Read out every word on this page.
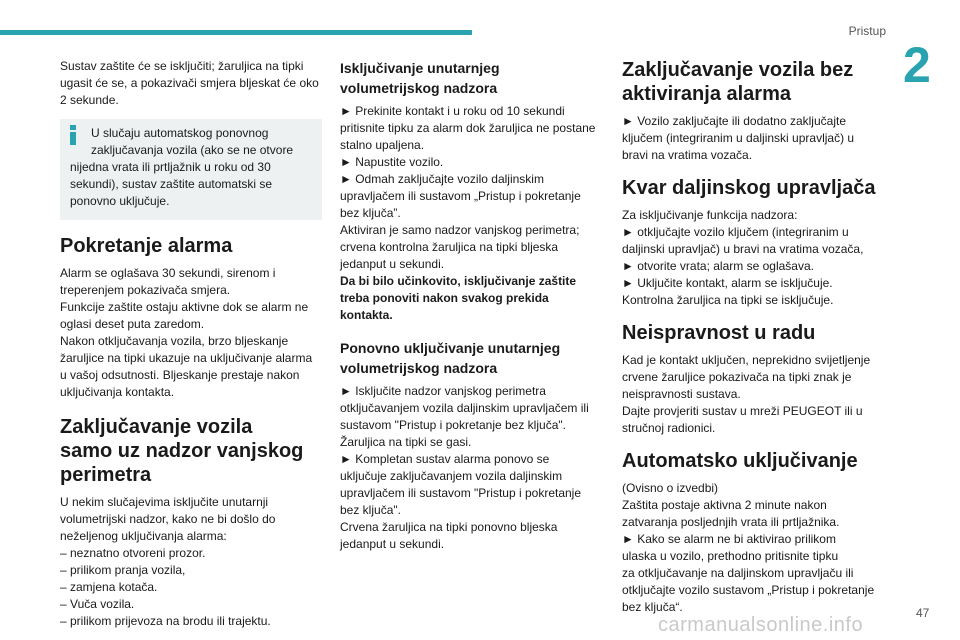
Pristup
2

Sustav zaštite će se isključiti; žaruljica na tipki
ugasit će se, a pokazivači smjera bljeskat će oko
2 sekunde.

U slučaju automatskog ponovnog
zaključavanja vozila (ako se ne otvore

nijedna vrata ili prtljažnik u roku od 30
sekundi), sustav zaštite automatski se
ponovno uključuje.

Pokretanje alarma

Alarm se oglašava 30 sekundi, sirenom i
treperenjem pokazivača smjera.
Funkcije zaštite ostaju aktivne dok se alarm ne
oglasi deset puta zaredom.
Nakon otključavanja vozila, brzo bljeskanje
žaruljice na tipki ukazuje na uključivanje alarma
u vašoj odsutnosti. Bljeskanje prestaje nakon
uključivanja kontakta.

Zaključavanje vozila
samo uz nadzor vanjskog
perimetra

U nekim slučajevima isključite unutarnji
volumetrijski nadzor, kako ne bi došlo do
neželjenog uključivanja alarma:
– neznatno otvoreni prozor.
– prilikom pranja vozila,
– zamjena kotača.
– Vuča vozila.
– prilikom prijevoza na brodu ili trajektu.

Isključivanje unutarnjeg
volumetrijskog nadzora

► Prekinite kontakt i u roku od 10 sekundi
pritisnite tipku za alarm dok žaruljica ne postane
stalno upaljena.
► Napustite vozilo.
► Odmah zaključajte vozilo daljinskim
upravljačem ili sustavom „Pristup i pokretanje
bez ključa”.
Aktiviran je samo nadzor vanjskog perimetra;
crvena kontrolna žaruljica na tipki bljeska
jedanput u sekundi.

Da bi bilo učinkovito, isključivanje zaštite
treba ponoviti nakon svakog prekida
kontakta.

Ponovno uključivanje unutarnjeg
volumetrijskog nadzora

► Isključite nadzor vanjskog perimetra
otključavanjem vozila daljinskim upravljačem ili
sustavom "Pristup i pokretanje bez ključa".
Žaruljica na tipki se gasi.
► Kompletan sustav alarma ponovo se
uključuje zaključavanjem vozila daljinskim
upravljačem ili sustavom "Pristup i pokretanje
bez ključa".
Crvena žaruljica na tipki ponovno bljeska
jedanput u sekundi.

Zaključavanje vozila bez
aktiviranja alarma

► Vozilo zaključajte ili dodatno zaključajte
ključem (integriranim u daljinski upravljač) u
bravi na vratima vozača.

Kvar daljinskog upravljača

Za isključivanje funkcija nadzora:
► otključajte vozilo ključem (integriranim u
daljinski upravljač) u bravi na vratima vozača,
► otvorite vrata; alarm se oglašava.
► Uključite kontakt, alarm se isključuje.
Kontrolna žaruljica na tipki se isključuje.

Neispravnost u radu

Kad je kontakt uključen, neprekidno svijetljenje
crvene žaruljice pokazivača na tipki znak je
neispravnosti sustava.
Dajte provjeriti sustav u mreži PEUGEOT ili u
stručnoj radionici.

Automatsko uključivanje

(Ovisno o izvedbi)
Zaštita postaje aktivna 2 minute nakon
zatvaranja posljednjih vrata ili prtljažnika.
► Kako se alarm ne bi aktivirao prilikom
ulaska u vozilo, prethodno pritisnite tipku
za otključavanje na daljinskom upravljaču ili
otključajte vozilo sustavom „Pristup i pokretanje
bez ključa“.

carmanualsonline.info
47
